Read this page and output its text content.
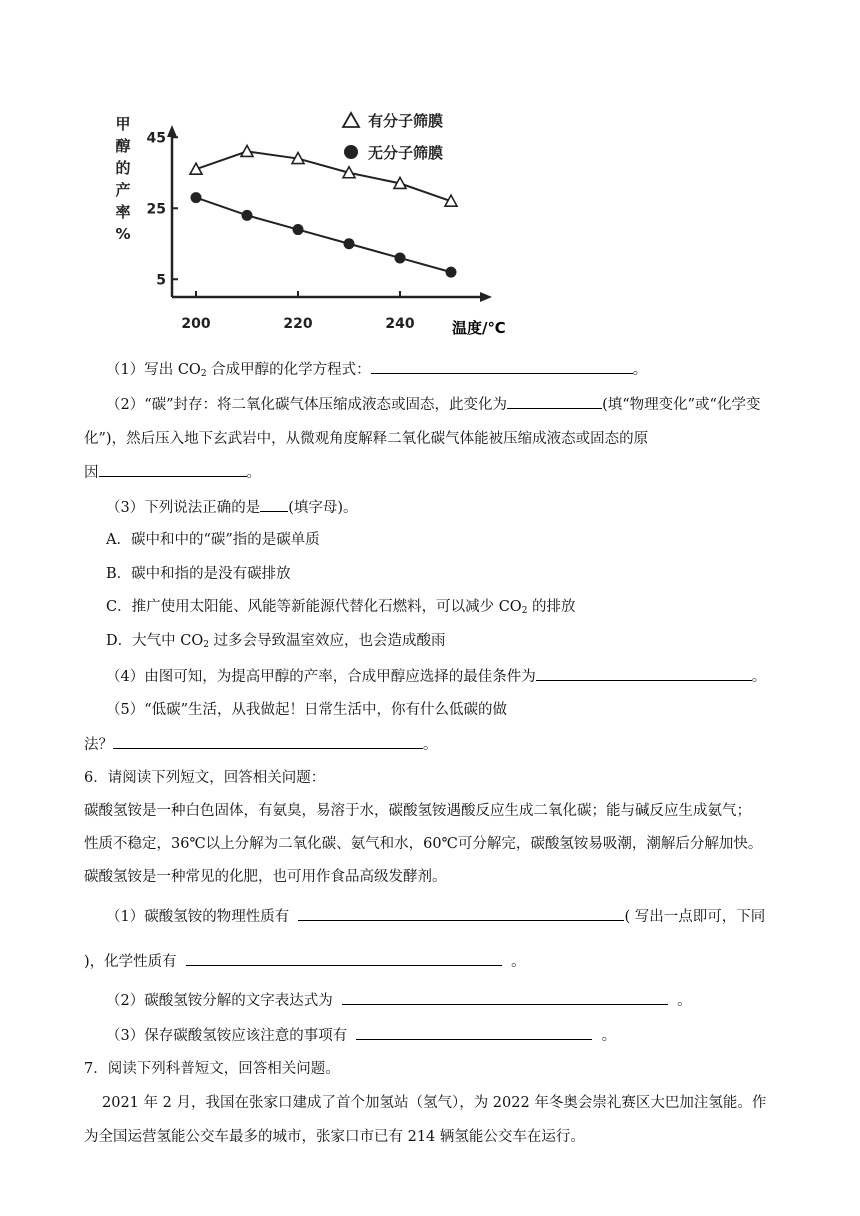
5
25
45
200	220	240
有分子筛膜
无分子筛膜
甲
醇
的
产
率
%
温度/℃
（1）写出 $CO_2$ 合成甲醇的化学方程式：	。
（2）“碳”封存：将二氧化碳气体压缩成液态或固态，此变化为	(填“物理变化”或“化学变
化”)，然后压入地下玄武岩中，从微观角度解释二氧化碳气体能被压缩成液态或固态的原
因	。
（3）下列说法正确的是 (填字母)。
A．碳中和中的“碳”指的是碳单质
B．碳中和指的是没有碳排放
C．推广使用太阳能、风能等新能源代替化石燃料，可以减少 $CO_2$ 的排放
D．大气中 $CO_2$ 过多会导致温室效应，也会造成酸雨
（4）由图可知，为提高甲醇的产率，合成甲醇应选择的最佳条件为	。
（5）“低碳”生活，从我做起！日常生活中，你有什么低碳的做
法？	。
6．请阅读下列短文，回答相关问题：
碳酸氢铵是一种白色固体，有氨臭，易溶于水，碳酸氢铵遇酸反应生成二氧化碳；能与碱反应生成氨气；
性质不稳定，36℃以上分解为二氧化碳、氨气和水，60℃可分解完，碳酸氢铵易吸潮，潮解后分解加快。
碳酸氢铵是一种常见的化肥，也可用作食品高级发酵剂。
（1）碳酸氢铵的物理性质有	( 写出一点即可，下同
)，化学性质有	。
（2）碳酸氢铵分解的文字表达式为	。
（3）保存碳酸氢铵应该注意的事项有	。
7．阅读下列科普短文，回答相关问题。
2021 年 2 月，我国在张家口建成了首个加氢站（氢气），为 2022 年冬奥会崇礼赛区大巴加注氢能。作
为全国运营氢能公交车最多的城市，张家口市已有 214 辆氢能公交车在运行。
